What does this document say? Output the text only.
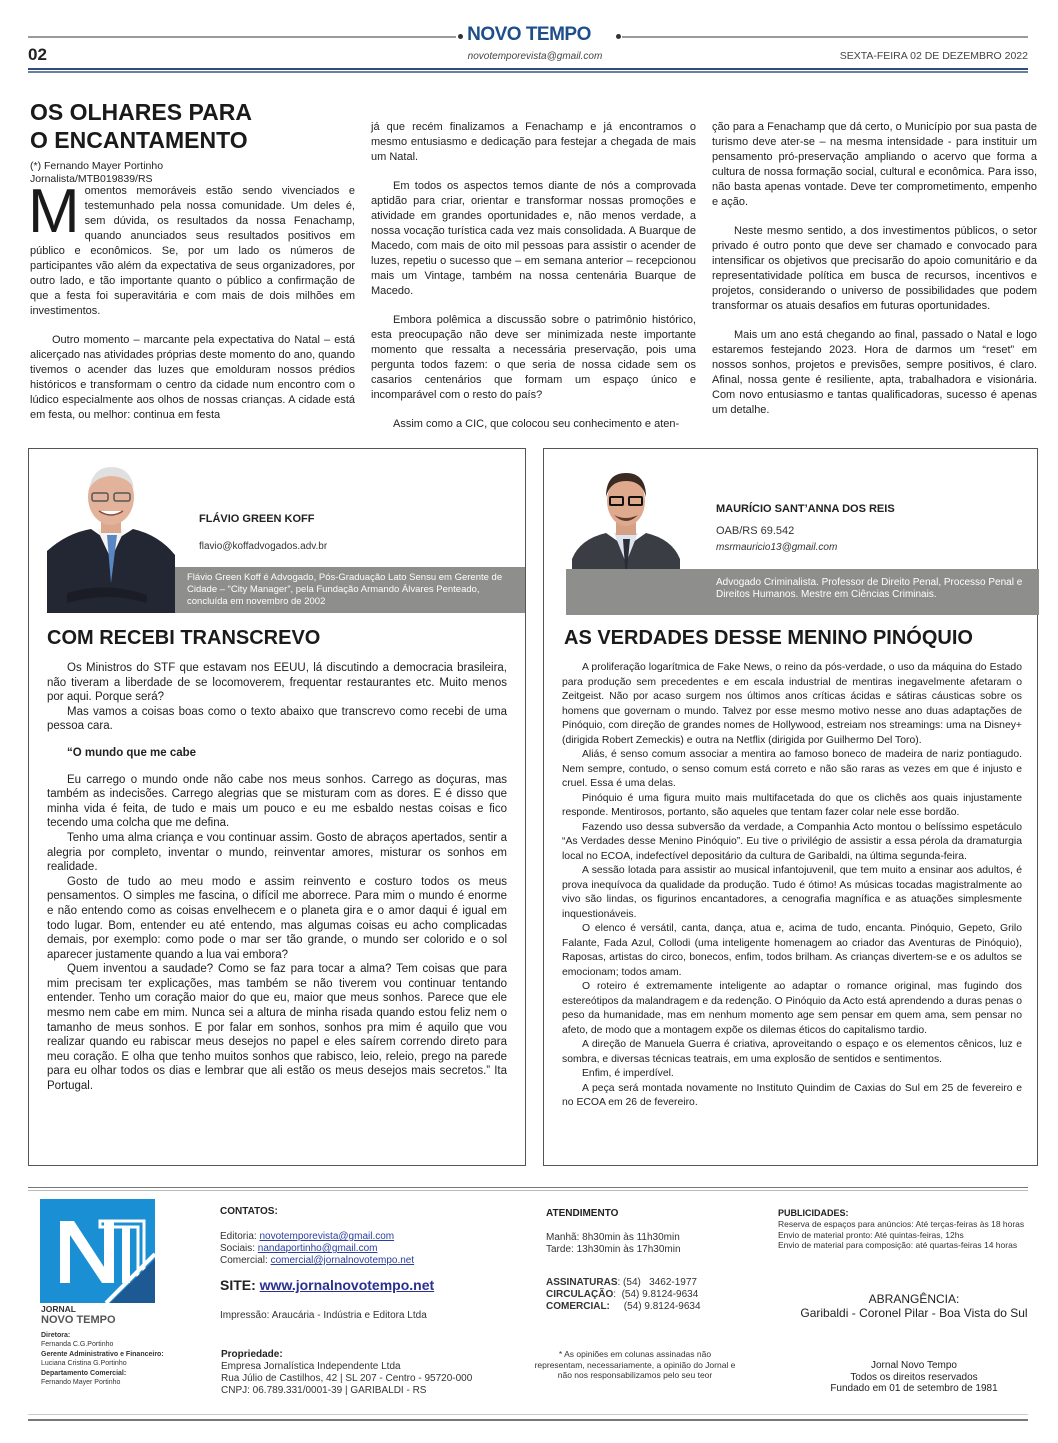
NOVO TEMPO
02	novotemporevista@gmail.com	SEXTA-FEIRA 02 DE DEZEMBRO 2022
OS OLHARES PARA
O ENCANTAMENTO
(*) Fernando Mayer Portinho
Jornalista/MTB019839/RS

Momentos memoráveis estão sendo vivenciados e testemunhado pela nossa comunidade. Um deles é, sem dúvida, os resultados da nossa Fenachamp, quando anunciados seus resultados positivos em público e econômicos. Se, por um lado os números de participantes vão além da expectativa de seus organizadores, por outro lado, e tão importante quanto o público a confirmação de que a festa foi superavitária e com mais de dois milhões em investimentos.

Outro momento – marcante pela expectativa do Natal – está alicerçado nas atividades próprias deste momento do ano, quando tivemos o acender das luzes que emolduram nossos prédios históricos e transformam o centro da cidade num encontro com o lúdico especialmente aos olhos de nossas crianças. A cidade está em festa, ou melhor: continua em festa

já que recém finalizamos a Fenachamp e já encontramos o mesmo entusiasmo e dedicação para festejar a chegada de mais um Natal.

Em todos os aspectos temos diante de nós a comprovada aptidão para criar, orientar e transformar nossas promoções e atividade em grandes oportunidades e, não menos verdade, a nossa vocação turística cada vez mais consolidada. A Buarque de Macedo, com mais de oito mil pessoas para assistir o acender de luzes, repetiu o sucesso que – em semana anterior – recepcionou mais um Vintage, também na nossa centenária Buarque de Macedo.

Embora polêmica a discussão sobre o patrimônio histórico, esta preocupação não deve ser minimizada neste importante momento que ressalta a necessária preservação, pois uma pergunta todos fazem: o que seria de nossa cidade sem os casarios centenários que formam um espaço único e incomparável com o resto do país?

Assim como a CIC, que colocou seu conhecimento e aten-

ção para a Fenachamp que dá certo, o Município por sua pasta de turismo deve ater-se – na mesma intensidade - para instituir um pensamento pró-preservação ampliando o acervo que forma a cultura de nossa formação social, cultural e econômica. Para isso, não basta apenas vontade. Deve ter comprometimento, empenho e ação.

Neste mesmo sentido, a dos investimentos públicos, o setor privado é outro ponto que deve ser chamado e convocado para intensificar os objetivos que precisarão do apoio comunitário e da representatividade política em busca de recursos, incentivos e projetos, considerando o universo de possibilidades que podem transformar os atuais desafios em futuras oportunidades.

Mais um ano está chegando ao final, passado o Natal e logo estaremos festejando 2023. Hora de darmos um “reset” em nossos sonhos, projetos e previsões, sempre positivos, é claro. Afinal, nossa gente é resiliente, apta, trabalhadora e visionária. Com novo entusiasmo e tantas qualificadoras, sucesso é apenas um detalhe.

FLÁVIO GREEN KOFF
flavio@koffadvogados.adv.br
Flávio Green Koff é Advogado, Pós-Graduação Lato Sensu em Gerente de Cidade – “City Manager”, pela Fundação Armando Álvares Penteado, concluída em novembro de 2002
COM RECEBI TRANSCREVO

Os Ministros do STF que estavam nos EEUU, lá discutindo a democracia brasileira, não tiveram a liberdade de se locomoverem, frequentar restaurantes etc. Muito menos por aqui. Porque será?

Mas vamos a coisas boas como o texto abaixo que transcrevo como recebi de uma pessoa cara.

“O mundo que me cabe

Eu carrego o mundo onde não cabe nos meus sonhos. Carrego as doçuras, mas também as indecisões. Carrego alegrias que se misturam com as dores. E é disso que minha vida é feita, de tudo e mais um pouco e eu me esbaldo nestas coisas e fico tecendo uma colcha que me defina.

Tenho uma alma criança e vou continuar assim. Gosto de abraços apertados, sentir a alegria por completo, inventar o mundo, reinventar amores, misturar os sonhos em realidade.

Gosto de tudo ao meu modo e assim reinvento e costuro todos os meus pensamentos. O simples me fascina, o difícil me aborrece. Para mim o mundo é enorme e não entendo como as coisas envelhecem e o planeta gira e o amor daqui é igual em todo lugar. Bom, entender eu até entendo, mas algumas coisas eu acho complicadas demais, por exemplo: como pode o mar ser tão grande, o mundo ser colorido e o sol aparecer justamente quando a lua vai embora?

Quem inventou a saudade? Como se faz para tocar a alma? Tem coisas que para mim precisam ter explicações, mas também se não tiverem vou continuar tentando entender. Tenho um coração maior do que eu, maior que meus sonhos. Parece que ele mesmo nem cabe em mim. Nunca sei a altura de minha risada quando estou feliz nem o tamanho de meus sonhos. E por falar em sonhos, sonhos pra mim é aquilo que vou realizar quando eu rabiscar meus desejos no papel e eles saírem correndo direto para meu coração. E olha que tenho muitos sonhos que rabisco, leio, releio, prego na parede para eu olhar todos os dias e lembrar que ali estão os meus desejos mais secretos.” Ita Portugal.

MAURÍCIO SANT’ANNA DOS REIS
OAB/RS 69.542
msrmauricio13@gmail.com
Advogado Criminalista. Professor de Direito Penal, Processo Penal e Direitos Humanos. Mestre em Ciências Criminais.
AS VERDADES DESSE MENINO PINÓQUIO

A proliferação logarítmica de Fake News, o reino da pós-verdade, o uso da máquina do Estado para produção sem precedentes e em escala industrial de mentiras inegavelmente afetaram o Zeitgeist. Não por acaso surgem nos últimos anos críticas ácidas e sátiras cáusticas sobre os homens que governam o mundo. Talvez por esse mesmo motivo nesse ano duas adaptações de Pinóquio, com direção de grandes nomes de Hollywood, estreiam nos streamings: uma na Disney+ (dirigida Robert Zemeckis) e outra na Netflix (dirigida por Guilhermo Del Toro).

Aliás, é senso comum associar a mentira ao famoso boneco de madeira de nariz pontiagudo. Nem sempre, contudo, o senso comum está correto e não são raras as vezes em que é injusto e cruel. Essa é uma delas.

Pinóquio é uma figura muito mais multifacetada do que os clichês aos quais injustamente responde. Mentirosos, portanto, são aqueles que tentam fazer colar nele esse bordão.

Fazendo uso dessa subversão da verdade, a Companhia Acto montou o belíssimo espetáculo “As Verdades desse Menino Pinóquio”. Eu tive o privilégio de assistir a essa pérola da dramaturgia local no ECOA, indefectível depositário da cultura de Garibaldi, na última segunda-feira.

A sessão lotada para assistir ao musical infantojuvenil, que tem muito a ensinar aos adultos, é prova inequívoca da qualidade da produção. Tudo é ótimo! As músicas tocadas magistralmente ao vivo são lindas, os figurinos encantadores, a cenografia magnífica e as atuações simplesmente inquestionáveis.

O elenco é versátil, canta, dança, atua e, acima de tudo, encanta. Pinóquio, Gepeto, Grilo Falante, Fada Azul, Collodi (uma inteligente homenagem ao criador das Aventuras de Pinóquio), Raposas, artistas do circo, bonecos, enfim, todos brilham. As crianças divertem-se e os adultos se emocionam; todos amam.

O roteiro é extremamente inteligente ao adaptar o romance original, mas fugindo dos estereótipos da malandragem e da redenção. O Pinóquio da Acto está aprendendo a duras penas o peso da humanidade, mas em nenhum momento age sem pensar em quem ama, sem pensar no afeto, de modo que a montagem expõe os dilemas éticos do capitalismo tardio.

A direção de Manuela Guerra é criativa, aproveitando o espaço e os elementos cênicos, luz e sombra, e diversas técnicas teatrais, em uma explosão de sentidos e sentimentos.

Enfim, é imperdível.

A peça será montada novamente no Instituto Quindim de Caxias do Sul em 25 de fevereiro e no ECOA em 26 de fevereiro.

JORNAL
NOVO TEMPO
Diretora:
Fernanda C.G.Portinho
Gerente Administrativo e Financeiro:
Luciana Cristina G.Portinho
Departamento Comercial:
Fernando Mayer Portinho
CONTATOS:
Editoria: novotemporevista@gmail.com
Sociais: nandaportinho@gmail.com
Comercial: comercial@jornalnovotempo.net
SITE: www.jornalnovotempo.net
Impressão: Araucária - Indústria e Editora Ltda
Propriedade:
Empresa Jornalística Independente Ltda
Rua Júlio de Castilhos, 42 | SL 207 - Centro - 95720-000
CNPJ: 06.789.331/0001-39 | GARIBALDI - RS
ATENDIMENTO
Manhã: 8h30min às 11h30min
Tarde: 13h30min às 17h30min
ASSINATURAS: (54)   3462-1977
CIRCULAÇÃO:  (54) 9.8124-9634
COMERCIAL: (54) 9.8124-9634
* As opiniões em colunas assinadas não
representam, necessariamente, a opinião do Jornal e
não nos responsabilizamos pelo seu teor
PUBLICIDADES:
Reserva de espaços para anúncios: Até terças-feiras às 18 horas
Envio de material pronto: Até quintas-feiras, 12hs
Envio de material para composição: até quartas-feiras 14 horas
ABRANGÊNCIA:
Garibaldi - Coronel Pilar - Boa Vista do Sul
Jornal Novo Tempo
Todos os direitos reservados
Fundado em 01 de setembro de 1981
